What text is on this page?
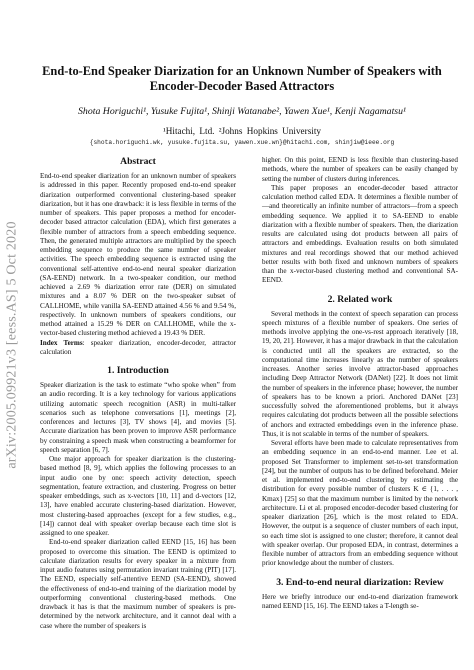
arXiv:2005.09921v3 [eess.AS] 5 Oct 2020
End-to-End Speaker Diarization for an Unknown Number of Speakers with Encoder-Decoder Based Attractors
Shota Horiguchi¹, Yusuke Fujita¹, Shinji Watanabe², Yawen Xue¹, Kenji Nagamatsu¹
¹Hitachi, Ltd. ²Johns Hopkins University
{shota.horiguchi.wk, yusuke.fujita.su, yawen.xue.wn}@hitachi.com, shinjiw@ieee.org
Abstract

End-to-end speaker diarization for an unknown number of speakers is addressed in this paper. Recently proposed end-to-end speaker diarization outperformed conventional clustering-based speaker diarization, but it has one drawback: it is less flexible in terms of the number of speakers. This paper proposes a method for encoder-decoder based attractor calculation (EDA), which first generates a flexible number of attractors from a speech embedding sequence. Then, the generated multiple attractors are multiplied by the speech embedding sequence to produce the same number of speaker activities. The speech embedding sequence is extracted using the conventional self-attentive end-to-end neural speaker diarization (SA-EEND) network. In a two-speaker condition, our method achieved a 2.69 % diarization error rate (DER) on simulated mixtures and a 8.07 % DER on the two-speaker subset of CALLHOME, while vanilla SA-EEND attained 4.56 % and 9.54 %, respectively. In unknown numbers of speakers conditions, our method attained a 15.29 % DER on CALLHOME, while the x-vector-based clustering method achieved a 19.43 % DER.

Index Terms: speaker diarization, encoder-decoder, attractor calculation

1. Introduction

Speaker diarization is the task to estimate “who spoke when” from an audio recording. It is a key technology for various applications utilizing automatic speech recognition (ASR) in multi-talker scenarios such as telephone conversations [1], meetings [2], conferences and lectures [3], TV shows [4], and movies [5]. Accurate diarization has been proven to improve ASR performance by constraining a speech mask when constructing a beamformer for speech separation [6, 7].

One major approach for speaker diarization is the clustering-based method [8, 9], which applies the following processes to an input audio one by one: speech activity detection, speech segmentation, feature extraction, and clustering. Progress on better speaker embeddings, such as x-vectors [10, 11] and d-vectors [12, 13], have enabled accurate clustering-based diarization. However, most clustering-based approaches (except for a few studies, e.g., [14]) cannot deal with speaker overlap because each time slot is assigned to one speaker.

End-to-end speaker diarization called EEND [15, 16] has been proposed to overcome this situation. The EEND is optimized to calculate diarization results for every speaker in a mixture from input audio features using permutation invariant training (PIT) [17]. The EEND, especially self-attentive EEND (SA-EEND), showed the effectiveness of end-to-end training of the diarization model by outperforming conventional clustering-based methods. One drawback it has is that the maximum number of speakers is pre-determined by the network architecture, and it cannot deal with a case where the number of speakers is

higher. On this point, EEND is less flexible than clustering-based methods, where the number of speakers can be easily changed by setting the number of clusters during inferences.

This paper proposes an encoder-decoder based attractor calculation method called EDA. It determines a flexible number of—and theoretically an infinite number of attractors—from a speech embedding sequence. We applied it to SA-EEND to enable diarization with a flexible number of speakers. Then, the diarization results are calculated using dot products between all pairs of attractors and embeddings. Evaluation results on both simulated mixtures and real recordings showed that our method achieved better results with both fixed and unknown numbers of speakers than the x-vector-based clustering method and conventional SA-EEND.

2. Related work

Several methods in the context of speech separation can process speech mixtures of a flexible number of speakers. One series of methods involve applying the one-vs-rest approach iteratively [18, 19, 20, 21]. However, it has a major drawback in that the calculation is conducted until all the speakers are extracted, so the computational time increases linearly as the number of speakers increases. Another series involve attractor-based approaches including Deep Attractor Network (DANet) [22]. It does not limit the number of speakers in the inference phase; however, the number of speakers has to be known a priori. Anchored DANet [23] successfully solved the aforementioned problems, but it always requires calculating dot products between all the possible selections of anchors and extracted embeddings even in the inference phase. Thus, it is not scalable in terms of the number of speakers.

Several efforts have been made to calculate representatives from an embedding sequence in an end-to-end manner. Lee et al. proposed Set Transformer to implement set-to-set transformation [24], but the number of outputs has to be defined beforehand. Meier et al. implemented end-to-end clustering by estimating the distribution for every possible number of clusters K ∈ {1, . . . , Kmax} [25] so that the maximum number is limited by the network architecture. Li et al. proposed encoder-decoder based clustering for speaker diarization [26], which is the most related to EDA. However, the output is a sequence of cluster numbers of each input, so each time slot is assigned to one cluster; therefore, it cannot deal with speaker overlap. Our proposed EDA, in contrast, determines a flexible number of attractors from an embedding sequence without prior knowledge about the number of clusters.

3. End-to-end neural diarization: Review

Here we briefly introduce our end-to-end diarization framework named EEND [15, 16]. The EEND takes a T-length se-
